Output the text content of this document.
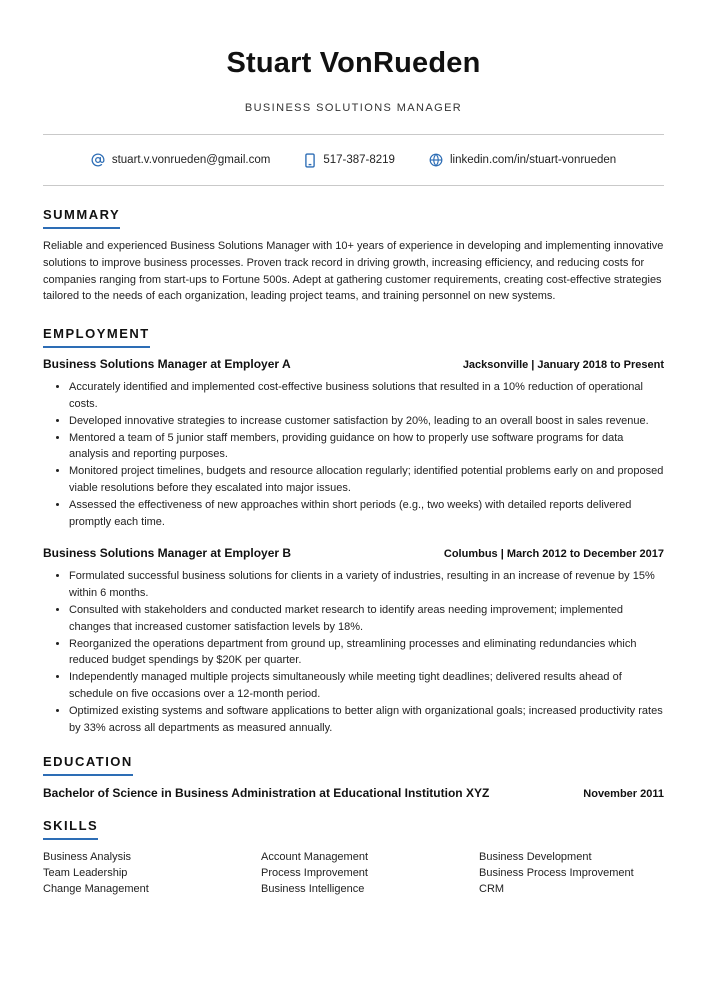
Stuart VonRueden
BUSINESS SOLUTIONS MANAGER
stuart.v.vonrueden@gmail.com	517-387-8219	linkedin.com/in/stuart-vonrueden
SUMMARY
Reliable and experienced Business Solutions Manager with 10+ years of experience in developing and implementing innovative solutions to improve business processes. Proven track record in driving growth, increasing efficiency, and reducing costs for companies ranging from start-ups to Fortune 500s. Adept at gathering customer requirements, creating cost-effective strategies tailored to the needs of each organization, leading project teams, and training personnel on new systems.
EMPLOYMENT
Business Solutions Manager at Employer A	Jacksonville | January 2018 to Present
• Accurately identified and implemented cost-effective business solutions that resulted in a 10% reduction of operational costs.
• Developed innovative strategies to increase customer satisfaction by 20%, leading to an overall boost in sales revenue.
• Mentored a team of 5 junior staff members, providing guidance on how to properly use software programs for data analysis and reporting purposes.
• Monitored project timelines, budgets and resource allocation regularly; identified potential problems early on and proposed viable resolutions before they escalated into major issues.
• Assessed the effectiveness of new approaches within short periods (e.g., two weeks) with detailed reports delivered promptly each time.
Business Solutions Manager at Employer B	Columbus | March 2012 to December 2017
• Formulated successful business solutions for clients in a variety of industries, resulting in an increase of revenue by 15% within 6 months.
• Consulted with stakeholders and conducted market research to identify areas needing improvement; implemented changes that increased customer satisfaction levels by 18%.
• Reorganized the operations department from ground up, streamlining processes and eliminating redundancies which reduced budget spendings by $20K per quarter.
• Independently managed multiple projects simultaneously while meeting tight deadlines; delivered results ahead of schedule on five occasions over a 12-month period.
• Optimized existing systems and software applications to better align with organizational goals; increased productivity rates by 33% across all departments as measured annually.
EDUCATION
Bachelor of Science in Business Administration at Educational Institution XYZ	November 2011
SKILLS
Business Analysis	Account Management	Business Development
Team Leadership	Process Improvement	Business Process Improvement
Change Management	Business Intelligence	CRM
